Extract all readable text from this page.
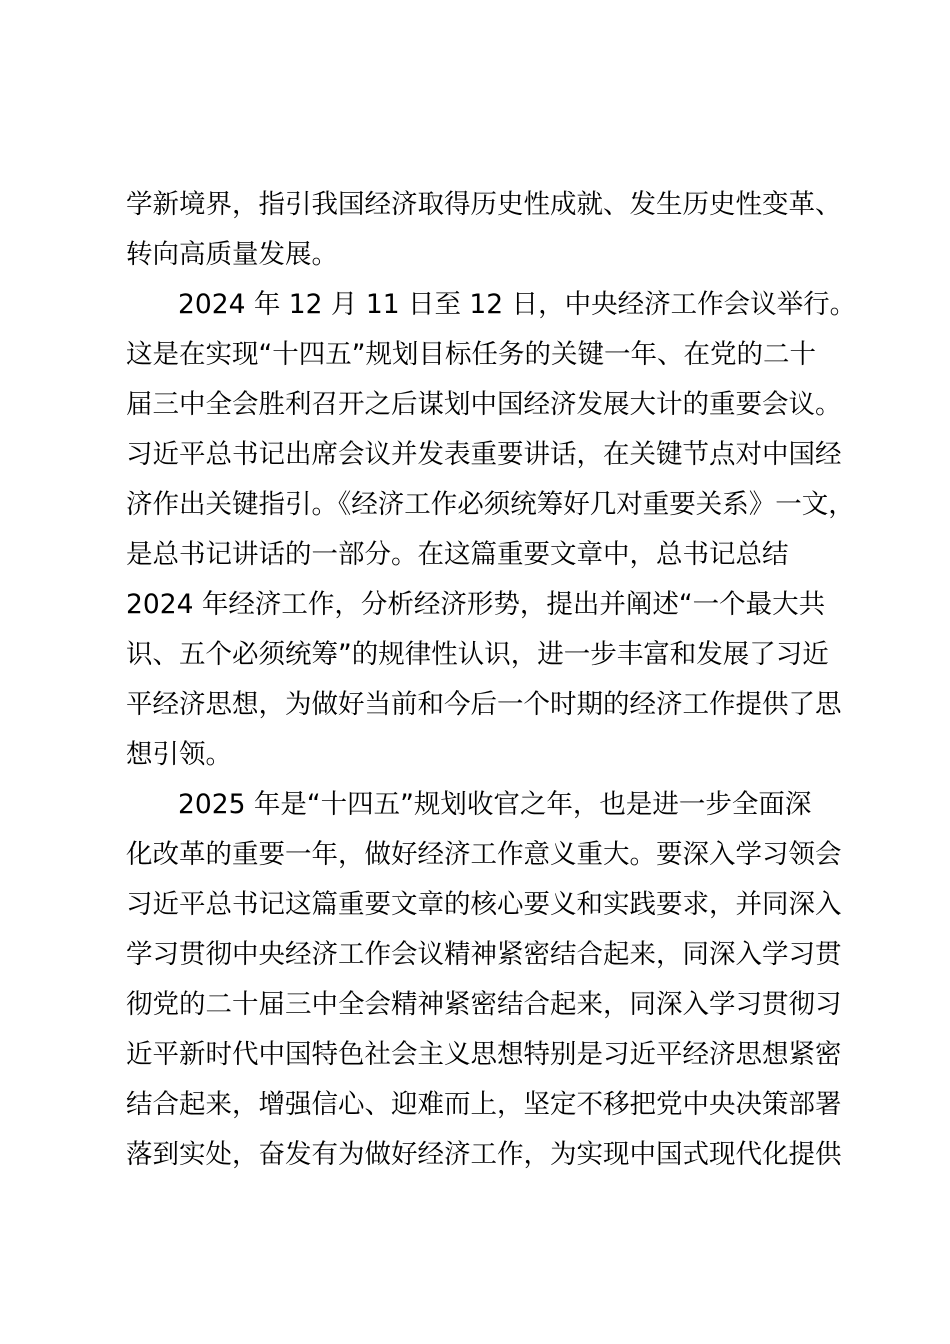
学新境界，指引我国经济取得历史性成就、发生历史性变革、
转向高质量发展。
2024 年 12 月 11 日至 12 日，中央经济工作会议举行。
这是在实现“十四五”规划目标任务的关键一年、在党的二十
届三中全会胜利召开之后谋划中国经济发展大计的重要会议。
习近平总书记出席会议并发表重要讲话，在关键节点对中国经
济作出关键指引。《经济工作必须统筹好几对重要关系》一文，
是总书记讲话的一部分。在这篇重要文章中，总书记总结
2024 年经济工作，分析经济形势，提出并阐述“一个最大共
识、五个必须统筹”的规律性认识，进一步丰富和发展了习近
平经济思想，为做好当前和今后一个时期的经济工作提供了思
想引领。
2025 年是“十四五”规划收官之年，也是进一步全面深
化改革的重要一年，做好经济工作意义重大。要深入学习领会
习近平总书记这篇重要文章的核心要义和实践要求，并同深入
学习贯彻中央经济工作会议精神紧密结合起来，同深入学习贯
彻党的二十届三中全会精神紧密结合起来，同深入学习贯彻习
近平新时代中国特色社会主义思想特别是习近平经济思想紧密
结合起来，增强信心、迎难而上，坚定不移把党中央决策部署
落到实处，奋发有为做好经济工作，为实现中国式现代化提供
